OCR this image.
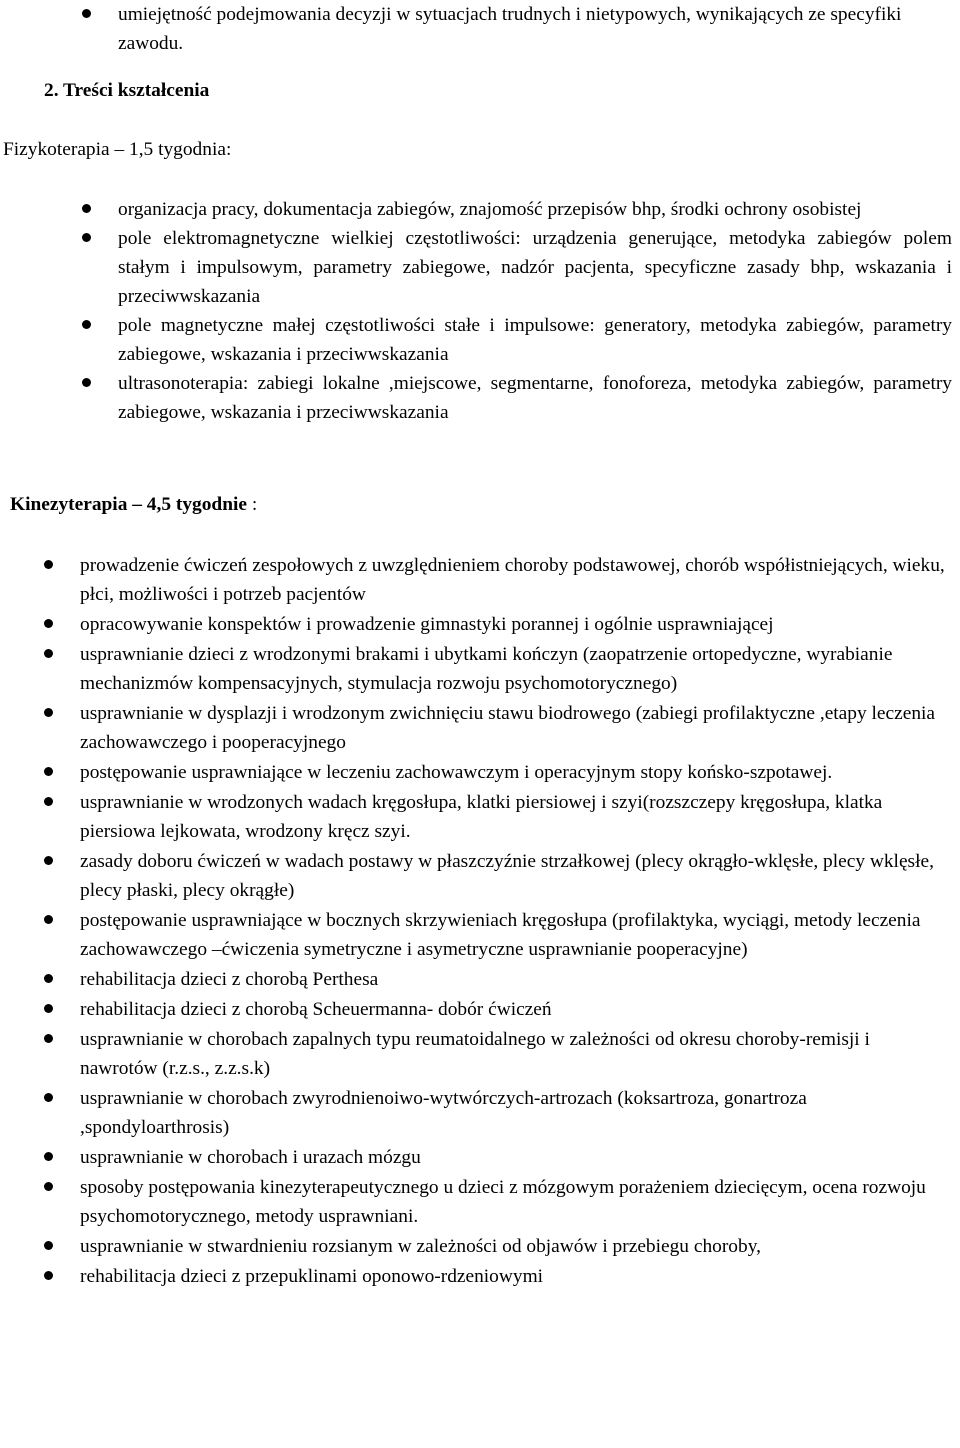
umiejętność podejmowania decyzji w sytuacjach trudnych i nietypowych, wynikających ze specyfiki zawodu.
2. Treści kształcenia
Fizykoterapia – 1,5 tygodnia:
organizacja pracy, dokumentacja zabiegów, znajomość przepisów bhp, środki ochrony osobistej
pole elektromagnetyczne wielkiej częstotliwości: urządzenia generujące, metodyka zabiegów polem stałym i impulsowym, parametry zabiegowe, nadzór pacjenta, specyficzne zasady bhp, wskazania i przeciwwskazania
pole magnetyczne małej częstotliwości stałe i impulsowe: generatory, metodyka zabiegów, parametry zabiegowe, wskazania i przeciwwskazania
ultrasonoterapia: zabiegi lokalne ,miejscowe, segmentarne, fonoforeza, metodyka zabiegów, parametry zabiegowe, wskazania i przeciwwskazania
Kinezyterapia – 4,5 tygodnie :
prowadzenie ćwiczeń zespołowych z uwzględnieniem choroby podstawowej, chorób współistniejących, wieku, płci, możliwości i potrzeb pacjentów
opracowywanie konspektów i prowadzenie gimnastyki porannej i ogólnie usprawniającej
usprawnianie dzieci z wrodzonymi brakami i ubytkami kończyn (zaopatrzenie ortopedyczne, wyrabianie mechanizmów kompensacyjnych, stymulacja rozwoju psychomotorycznego)
usprawnianie w dysplazji i wrodzonym zwichnięciu stawu biodrowego (zabiegi profilaktyczne ,etapy leczenia zachowawczego i pooperacyjnego
postępowanie usprawniające w leczeniu zachowawczym i operacyjnym stopy końsko-szpotawej.
usprawnianie w wrodzonych wadach kręgosłupa, klatki piersiowej i szyi(rozszczepy kręgosłupa, klatka piersiowa lejkowata, wrodzony kręcz szyi.
zasady doboru ćwiczeń w wadach postawy w płaszczyźnie strzałkowej (plecy okrągło-wklęsłe, plecy wklęsłe, plecy płaski, plecy okrągłe)
postępowanie usprawniające w bocznych skrzywieniach kręgosłupa (profilaktyka, wyciągi, metody leczenia zachowawczego –ćwiczenia symetryczne i asymetryczne usprawnianie pooperacyjne)
rehabilitacja dzieci z chorobą Perthesa
rehabilitacja dzieci z chorobą Scheuermanna- dobór ćwiczeń
usprawnianie w chorobach zapalnych typu reumatoidalnego w zależności od okresu choroby-remisji i nawrotów (r.z.s., z.z.s.k)
usprawnianie w chorobach zwyrodnienoiwo-wytwórczych-artrozach (koksartroza, gonartroza ,spondyloarthrosis)
usprawnianie w chorobach i urazach mózgu
sposoby postępowania kinezyterapeutycznego u dzieci z mózgowym porażeniem dziecięcym, ocena rozwoju psychomotorycznego, metody usprawniani.
usprawnianie w stwardnieniu rozsianym w zależności od objawów i przebiegu choroby,
rehabilitacja dzieci z przepuklinami oponowo-rdzeniowymi
